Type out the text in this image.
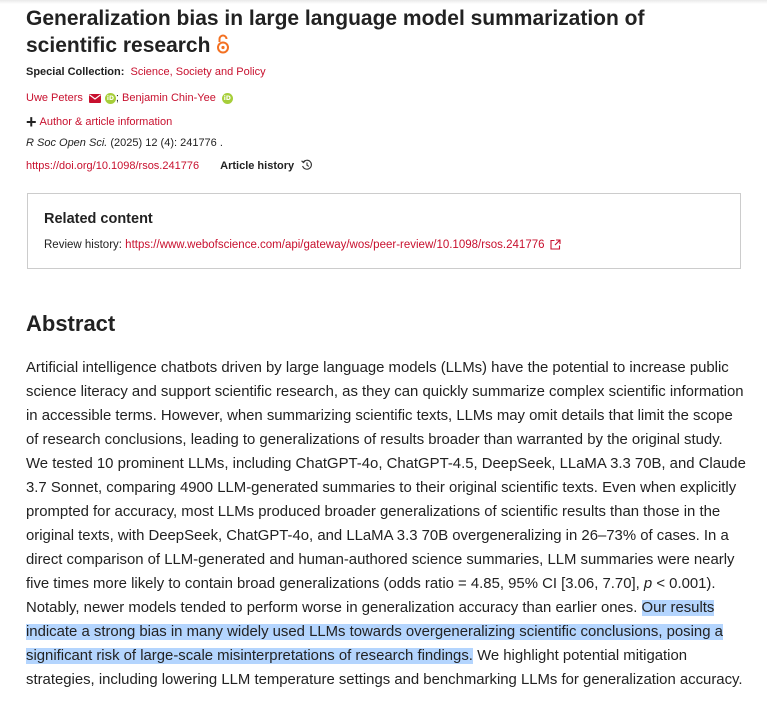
Generalization bias in large language model summarization of scientific research
Special Collection: Science, Society and Policy
Uwe Peters	iD ; Benjamin Chin-Yee iD
+ Author & article information
R Soc Open Sci. (2025) 12 (4): 241776 .
https://doi.org/10.1098/rsos.241776 Article history
Related content
Review history: https://www.webofscience.com/api/gateway/wos/peer-review/10.1098/rsos.241776
Abstract

Artificial intelligence chatbots driven by large language models (LLMs) have the potential to increase public science literacy and support scientific research, as they can quickly summarize complex scientific information in accessible terms. However, when summarizing scientific texts, LLMs may omit details that limit the scope of research conclusions, leading to generalizations of results broader than warranted by the original study. We tested 10 prominent LLMs, including ChatGPT-4o, ChatGPT-4.5, DeepSeek, LLaMA 3.3 70B, and Claude 3.7 Sonnet, comparing 4900 LLM-generated summaries to their original scientific texts. Even when explicitly prompted for accuracy, most LLMs produced broader generalizations of scientific results than those in the original texts, with DeepSeek, ChatGPT-4o, and LLaMA 3.3 70B overgeneralizing in 26–73% of cases. In a direct comparison of LLM-generated and human-authored science summaries, LLM summaries were nearly five times more likely to contain broad generalizations (odds ratio = 4.85, 95% CI [3.06, 7.70], p < 0.001). Notably, newer models tended to perform worse in generalization accuracy than earlier ones. Our results indicate a strong bias in many widely used LLMs towards overgeneralizing scientific conclusions, posing a significant risk of large-scale misinterpretations of research findings. We highlight potential mitigation strategies, including lowering LLM temperature settings and benchmarking LLMs for generalization accuracy.
